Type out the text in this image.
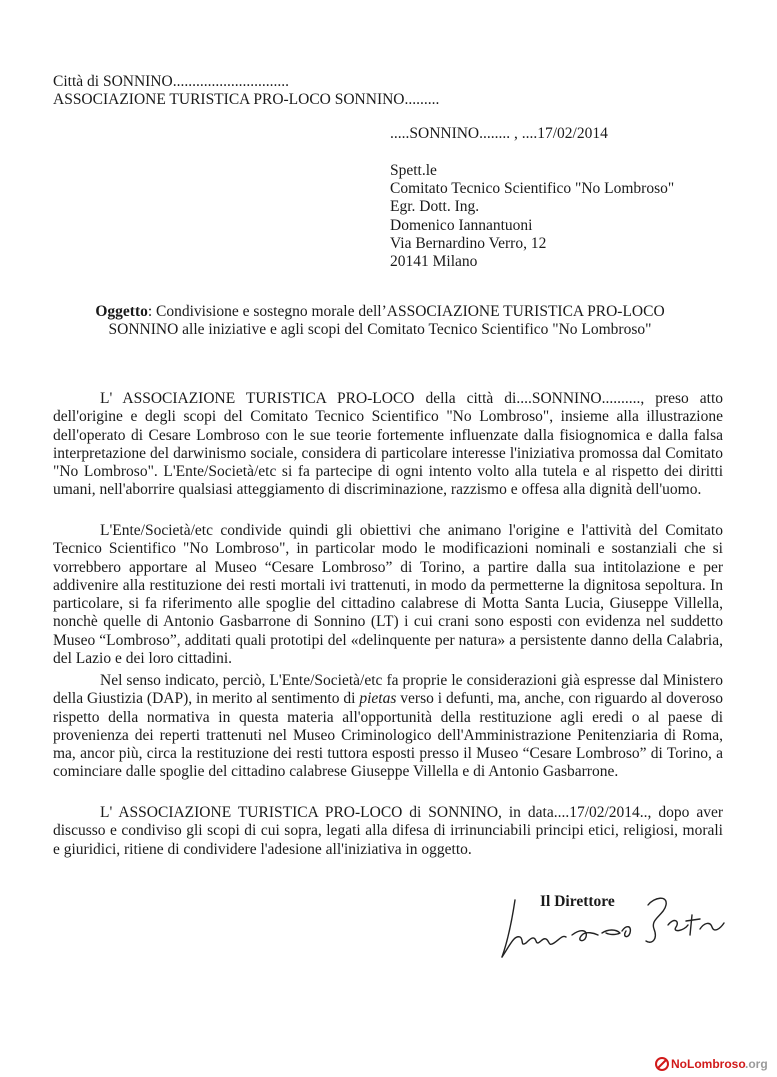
Città di SONNINO..............................
ASSOCIAZIONE TURISTICA PRO-LOCO SONNINO.........
.....SONNINO........ , ....17/02/2014
Spett.le
Comitato Tecnico Scientifico "No Lombroso"
Egr. Dott. Ing.
Domenico Iannantuoni
Via Bernardino Verro, 12
20141 Milano
Oggetto: Condivisione e sostegno morale dell’ASSOCIAZIONE TURISTICA PRO-LOCO SONNINO alle iniziative e agli scopi del Comitato Tecnico Scientifico "No Lombroso"

L' ASSOCIAZIONE TURISTICA PRO-LOCO della città di....SONNINO.........., preso atto dell'origine e degli scopi del Comitato Tecnico Scientifico "No Lombroso", insieme alla illustrazione dell'operato di Cesare Lombroso con le sue teorie fortemente influenzate dalla fisiognomica e dalla falsa interpretazione del darwinismo sociale, considera di particolare interesse l'iniziativa promossa dal Comitato "No Lombroso". L'Ente/Società/etc si fa partecipe di ogni intento volto alla tutela e al rispetto dei diritti umani, nell'aborrire qualsiasi atteggiamento di discriminazione, razzismo e offesa alla dignità dell'uomo.

L'Ente/Società/etc condivide quindi gli obiettivi che animano l'origine e l'attività del Comitato Tecnico Scientifico "No Lombroso", in particolar modo le modificazioni nominali e sostanziali che si vorrebbero apportare al Museo “Cesare Lombroso” di Torino, a partire dalla sua intitolazione e per addivenire alla restituzione dei resti mortali ivi trattenuti, in modo da permetterne la dignitosa sepoltura. In particolare, si fa riferimento alle spoglie del cittadino calabrese di Motta Santa Lucia, Giuseppe Villella, nonchè quelle di Antonio Gasbarrone di Sonnino (LT) i cui crani sono esposti con evidenza nel suddetto Museo “Lombroso”, additati quali prototipi del «delinquente per natura» a persistente danno della Calabria, del Lazio e dei loro cittadini.

Nel senso indicato, perciò, L'Ente/Società/etc fa proprie le considerazioni già espresse dal Ministero della Giustizia (DAP), in merito al sentimento di pietas verso i defunti, ma, anche, con riguardo al doveroso rispetto della normativa in questa materia all'opportunità della restituzione agli eredi o al paese di provenienza dei reperti trattenuti nel Museo Criminologico dell'Amministrazione Penitenziaria di Roma, ma, ancor più, circa la restituzione dei resti tuttora esposti presso il Museo “Cesare Lombroso” di Torino, a cominciare dalle spoglie del cittadino calabrese Giuseppe Villella e di Antonio Gasbarrone.

L' ASSOCIAZIONE TURISTICA PRO-LOCO di SONNINO, in data....17/02/2014.., dopo aver discusso e condiviso gli scopi di cui sopra, legati alla difesa di irrinunciabili principi etici, religiosi, morali e giuridici, ritiene di condividere l'adesione all'iniziativa in oggetto.

Il Direttore
NoLombroso .org
